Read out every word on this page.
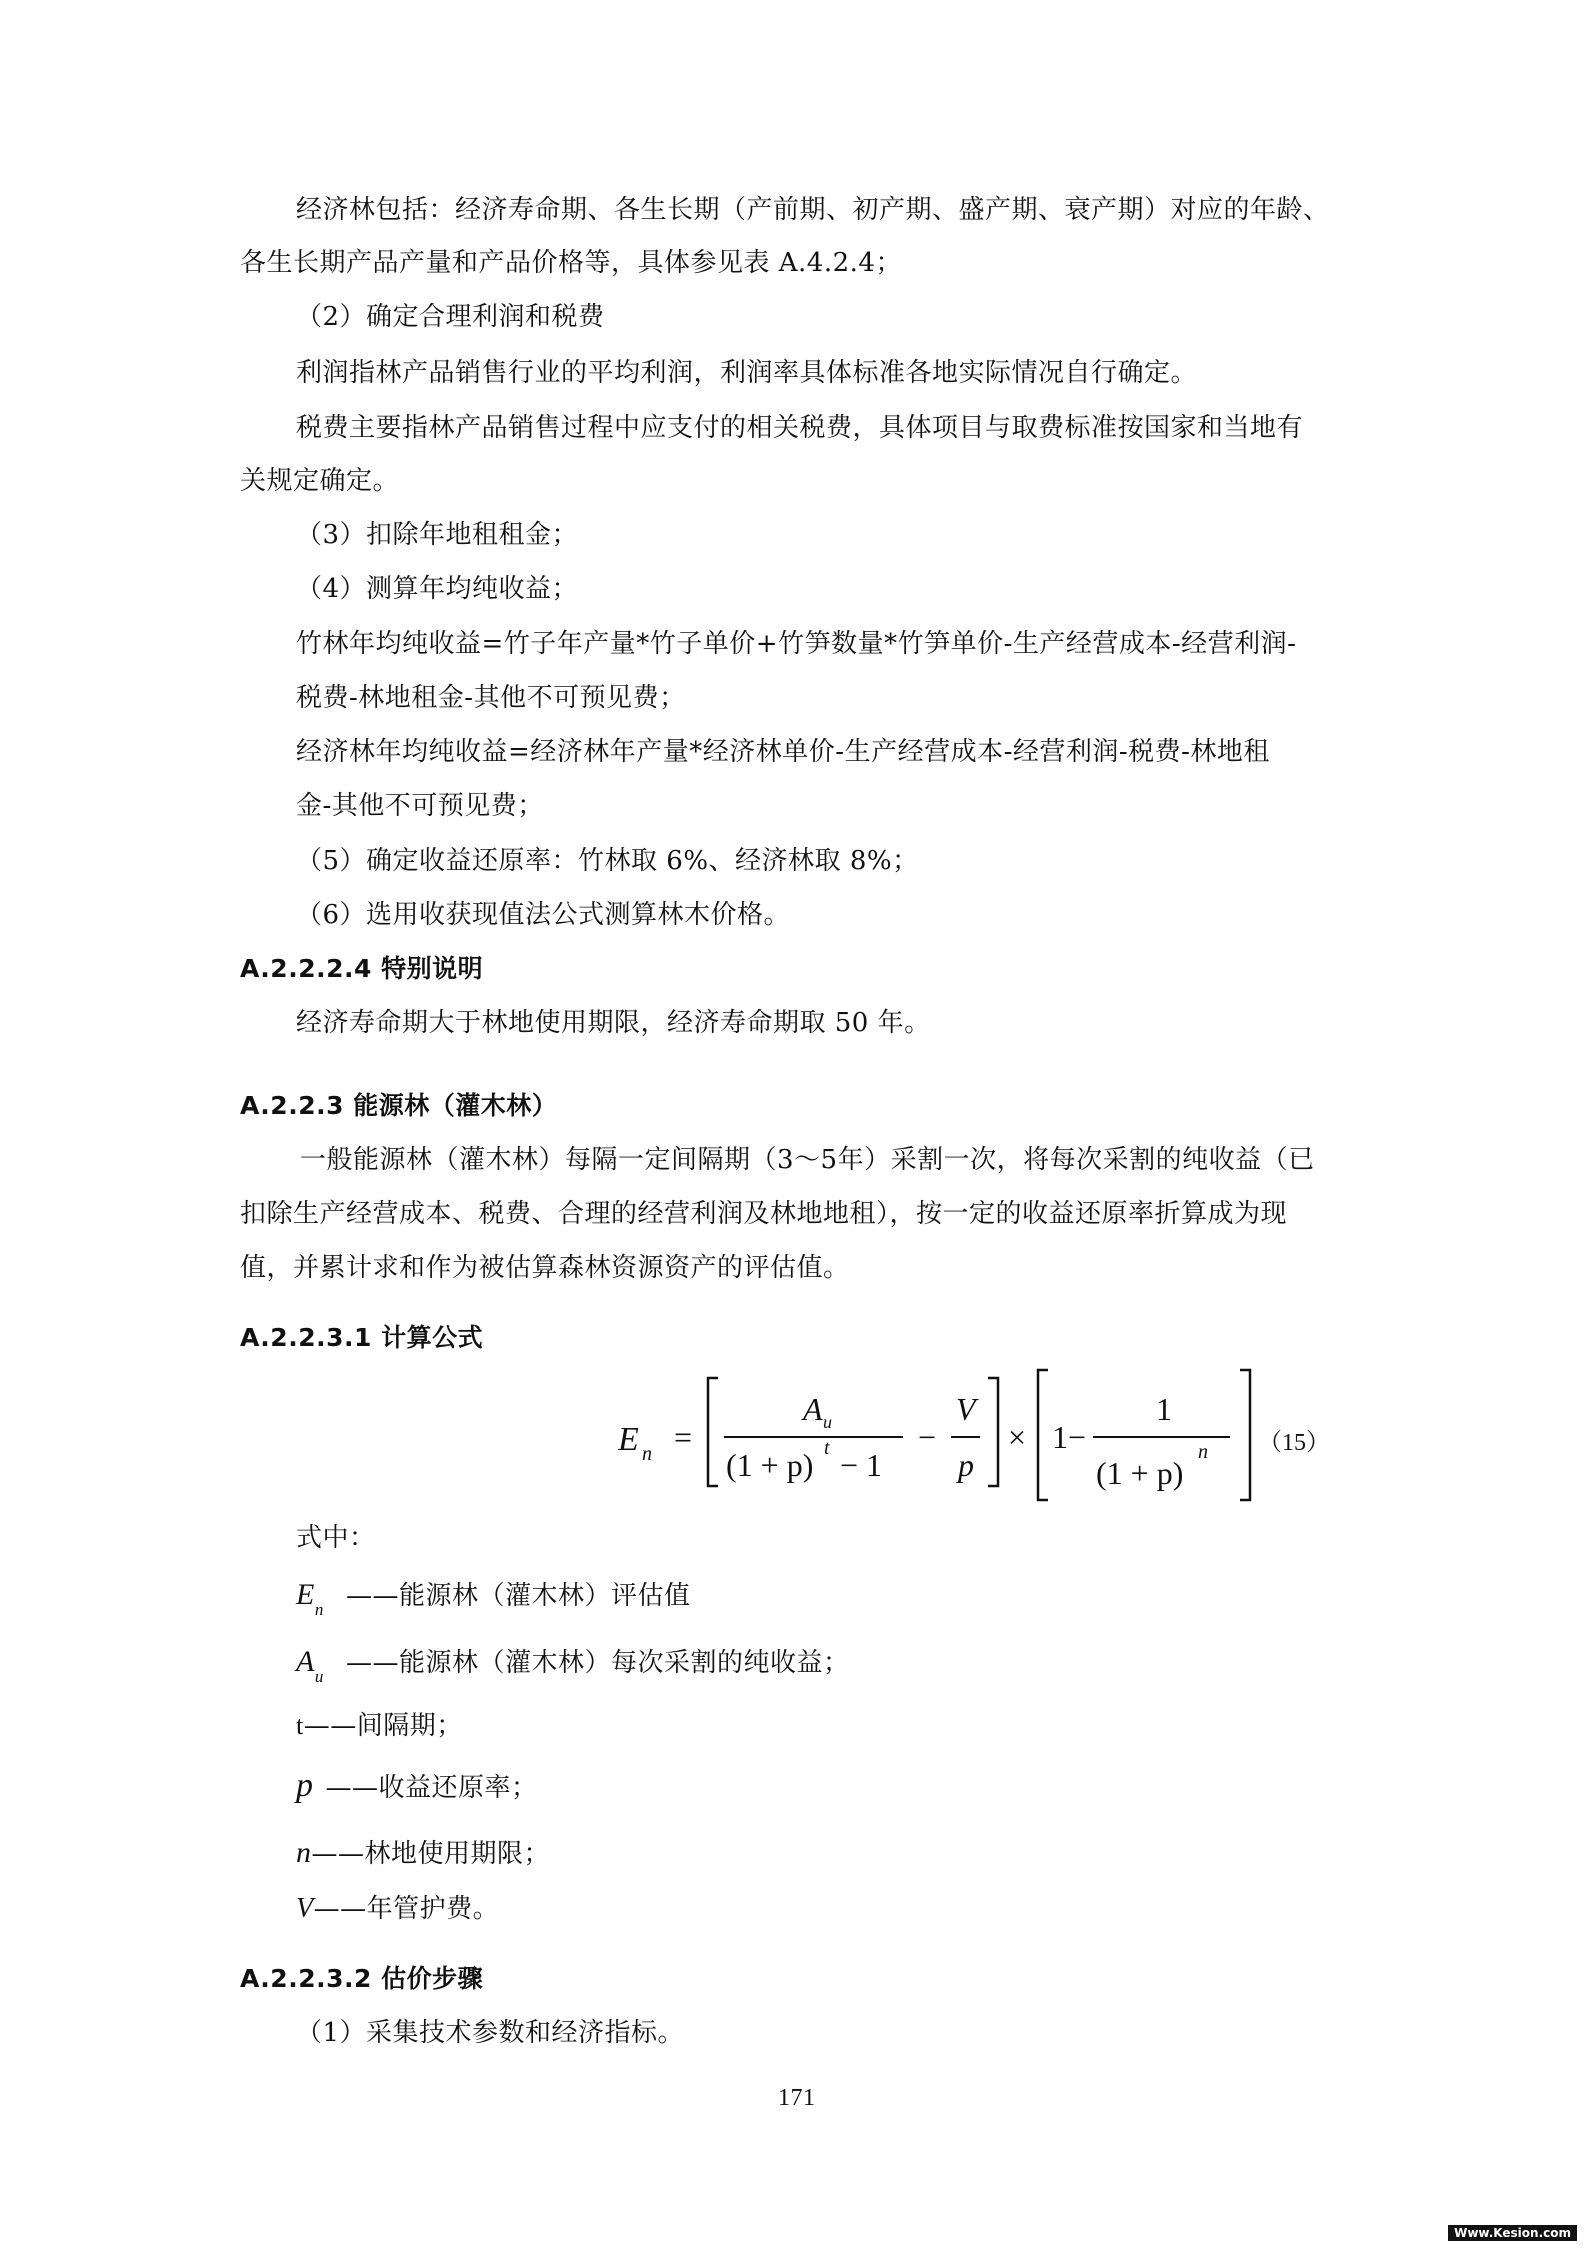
经济林包括：经济寿命期、各生长期（产前期、初产期、盛产期、衰产期）对应的年龄、

各生长期产品产量和产品价格等，具体参见表 A.4.2.4；

（2）确定合理利润和税费

利润指林产品销售行业的平均利润，利润率具体标准各地实际情况自行确定。

税费主要指林产品销售过程中应支付的相关税费，具体项目与取费标准按国家和当地有

关规定确定。

（3）扣除年地租租金；

（4）测算年均纯收益；

竹林年均纯收益=竹子年产量*竹子单价+竹笋数量*竹笋单价-生产经营成本-经营利润-

税费-林地租金-其他不可预见费；

经济林年均纯收益=经济林年产量*经济林单价-生产经营成本-经营利润-税费-林地租

金-其他不可预见费；

（5）确定收益还原率：竹林取 6%、经济林取 8%；

（6）选用收获现值法公式测算林木价格。

A.2.2.2.4 特别说明

经济寿命期大于林地使用期限，经济寿命期取 50 年。

A.2.2.3 能源林（灌木林）

一般能源林（灌木林）每隔一定间隔期（3～5年）采割一次，将每次采割的纯收益（已

扣除生产经营成本、税费、合理的经营利润及林地地租），按一定的收益还原率折算成为现

值，并累计求和作为被估算森林资源资产的评估值。

A.2.2.3.1 计算公式

E n =
A u
(1 + p) t − 1
−
V
p
× 1−
1
(1 + p)
n （15）

式中：

$E_n$ ——能源林（灌木林）评估值

$A_u$ ——能源林（灌木林）每次采割的纯收益；

t——间隔期；

p ——收益还原率；

n——林地使用期限；

V——年管护费。

A.2.2.3.2 估价步骤

（1）采集技术参数和经济指标。

171

Www.Kesion.com
